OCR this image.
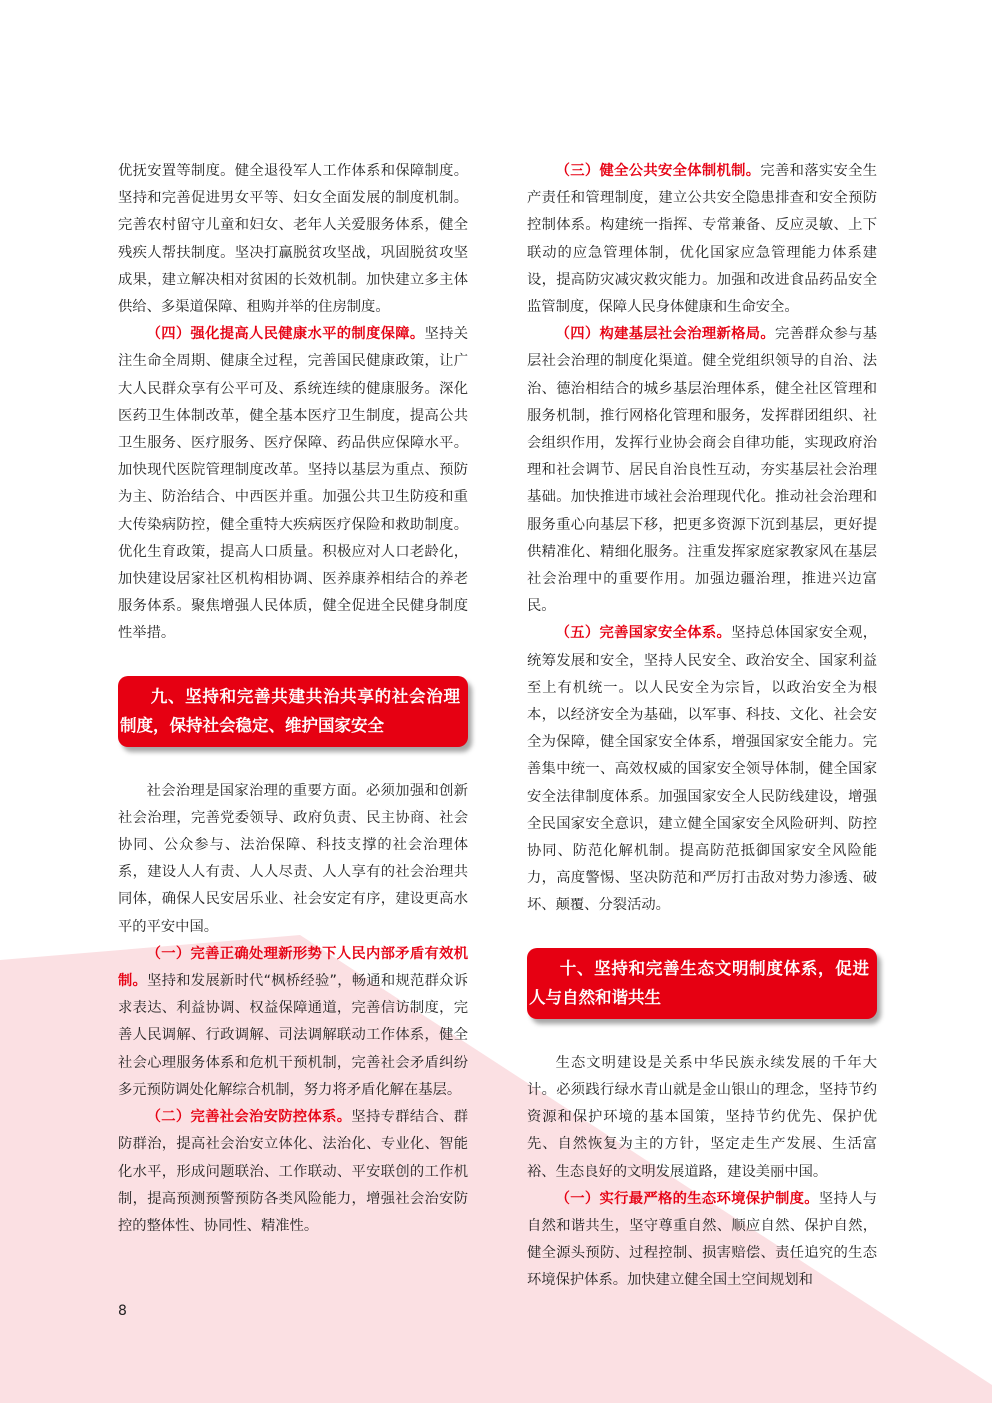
优抚安置等制度。健全退役军人工作体系和保障制度。坚持和完善促进男女平等、妇女全面发展的制度机制。完善农村留守儿童和妇女、老年人关爱服务体系，健全残疾人帮扶制度。坚决打赢脱贫攻坚战，巩固脱贫攻坚成果，建立解决相对贫困的长效机制。加快建立多主体供给、多渠道保障、租购并举的住房制度。

（四）强化提高人民健康水平的制度保障。坚持关注生命全周期、健康全过程，完善国民健康政策，让广大人民群众享有公平可及、系统连续的健康服务。深化医药卫生体制改革，健全基本医疗卫生制度，提高公共卫生服务、医疗服务、医疗保障、药品供应保障水平。加快现代医院管理制度改革。坚持以基层为重点、预防为主、防治结合、中西医并重。加强公共卫生防疫和重大传染病防控，健全重特大疾病医疗保险和救助制度。优化生育政策，提高人口质量。积极应对人口老龄化，加快建设居家社区机构相协调、医养康养相结合的养老服务体系。聚焦增强人民体质，健全促进全民健身制度性举措。

九、坚持和完善共建共治共享的社会治理制度，保持社会稳定、维护国家安全

社会治理是国家治理的重要方面。必须加强和创新社会治理，完善党委领导、政府负责、民主协商、社会协同、公众参与、法治保障、科技支撑的社会治理体系，建设人人有责、人人尽责、人人享有的社会治理共同体，确保人民安居乐业、社会安定有序，建设更高水平的平安中国。

（一）完善正确处理新形势下人民内部矛盾有效机制。坚持和发展新时代“枫桥经验”，畅通和规范群众诉求表达、利益协调、权益保障通道，完善信访制度，完善人民调解、行政调解、司法调解联动工作体系，健全社会心理服务体系和危机干预机制，完善社会矛盾纠纷多元预防调处化解综合机制，努力将矛盾化解在基层。

（二）完善社会治安防控体系。坚持专群结合、群防群治，提高社会治安立体化、法治化、专业化、智能化水平，形成问题联治、工作联动、平安联创的工作机制，提高预测预警预防各类风险能力，增强社会治安防控的整体性、协同性、精准性。

（三）健全公共安全体制机制。完善和落实安全生产责任和管理制度，建立公共安全隐患排查和安全预防控制体系。构建统一指挥、专常兼备、反应灵敏、上下联动的应急管理体制，优化国家应急管理能力体系建设，提高防灾减灾救灾能力。加强和改进食品药品安全监管制度，保障人民身体健康和生命安全。

（四）构建基层社会治理新格局。完善群众参与基层社会治理的制度化渠道。健全党组织领导的自治、法治、德治相结合的城乡基层治理体系，健全社区管理和服务机制，推行网格化管理和服务，发挥群团组织、社会组织作用，发挥行业协会商会自律功能，实现政府治理和社会调节、居民自治良性互动，夯实基层社会治理基础。加快推进市域社会治理现代化。推动社会治理和服务重心向基层下移，把更多资源下沉到基层，更好提供精准化、精细化服务。注重发挥家庭家教家风在基层社会治理中的重要作用。加强边疆治理，推进兴边富民。

（五）完善国家安全体系。坚持总体国家安全观，统筹发展和安全，坚持人民安全、政治安全、国家利益至上有机统一。以人民安全为宗旨，以政治安全为根本，以经济安全为基础，以军事、科技、文化、社会安全为保障，健全国家安全体系，增强国家安全能力。完善集中统一、高效权威的国家安全领导体制，健全国家安全法律制度体系。加强国家安全人民防线建设，增强全民国家安全意识，建立健全国家安全风险研判、防控协同、防范化解机制。提高防范抵御国家安全风险能力，高度警惕、坚决防范和严厉打击敌对势力渗透、破坏、颠覆、分裂活动。

十、坚持和完善生态文明制度体系，促进人与自然和谐共生

生态文明建设是关系中华民族永续发展的千年大计。必须践行绿水青山就是金山银山的理念，坚持节约资源和保护环境的基本国策，坚持节约优先、保护优先、自然恢复为主的方针，坚定走生产发展、生活富裕、生态良好的文明发展道路，建设美丽中国。

（一）实行最严格的生态环境保护制度。坚持人与自然和谐共生，坚守尊重自然、顺应自然、保护自然，健全源头预防、过程控制、损害赔偿、责任追究的生态环境保护体系。加快建立健全国土空间规划和

8
